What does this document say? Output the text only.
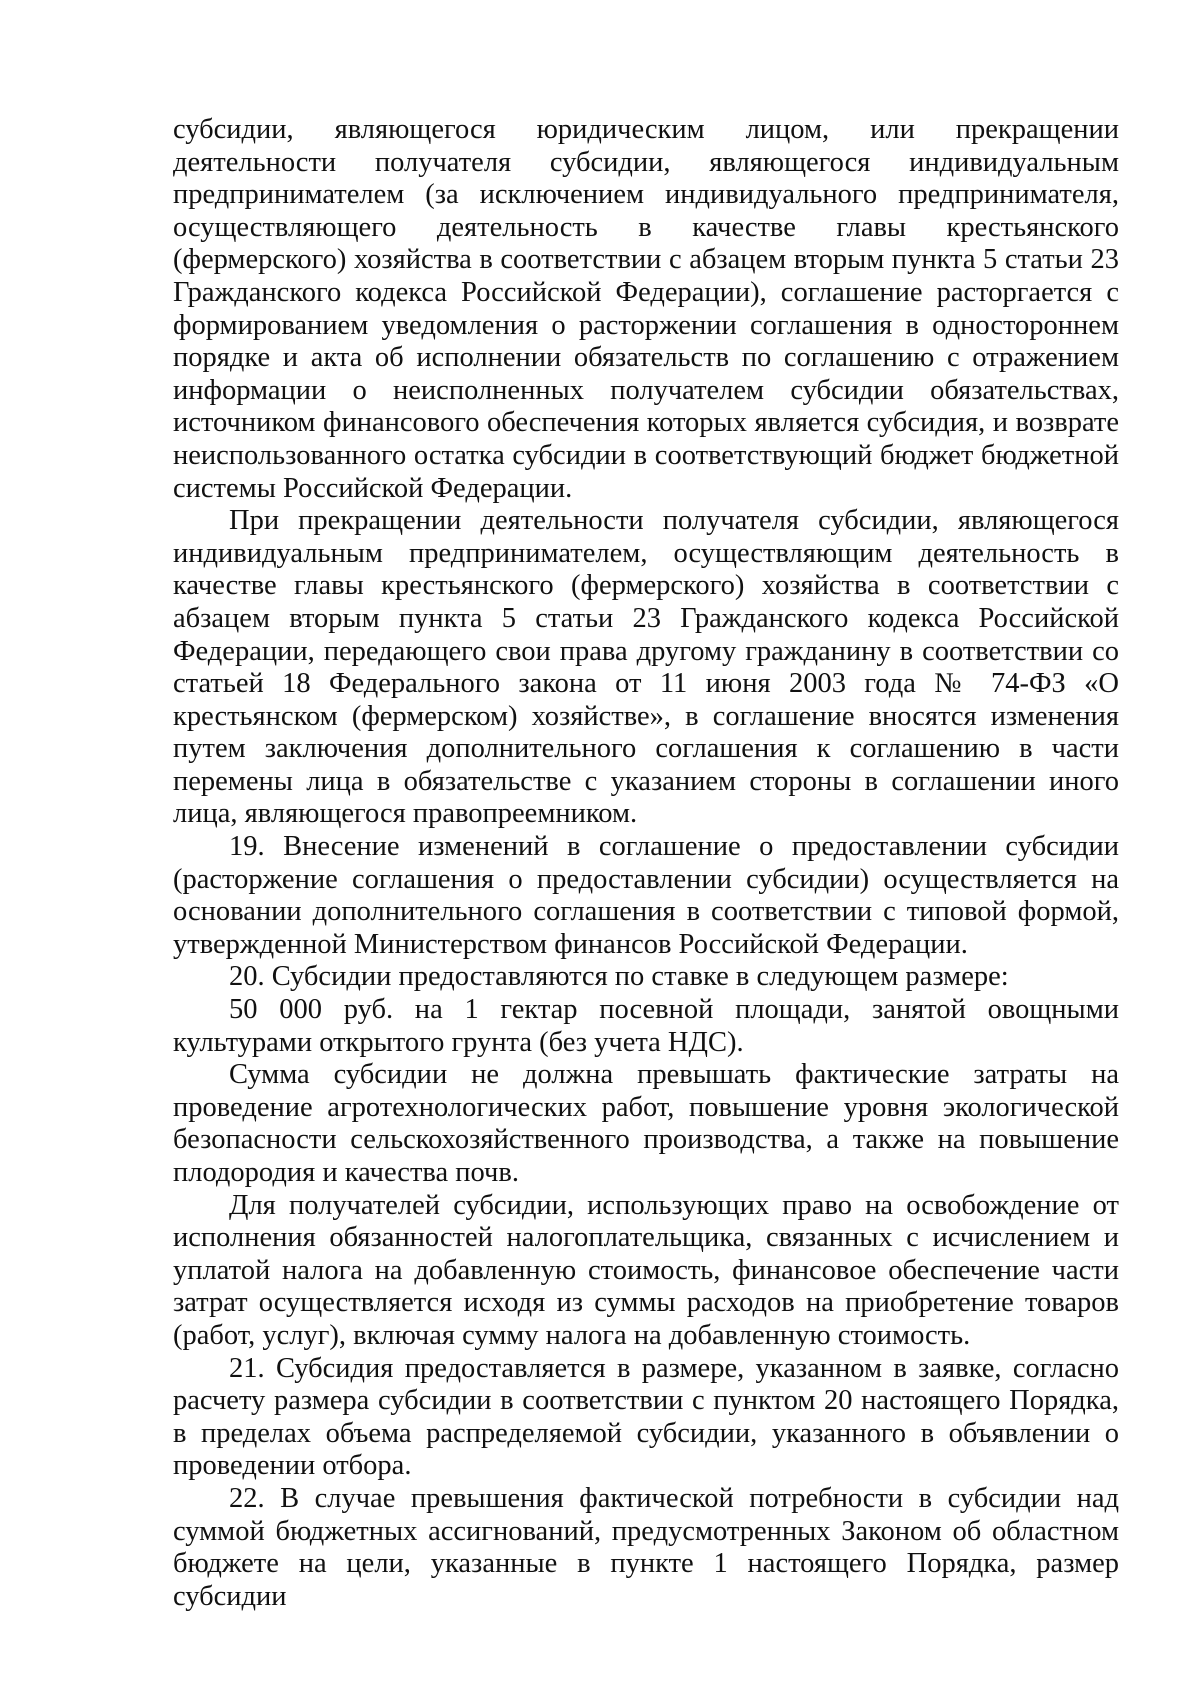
субсидии, являющегося юридическим лицом, или прекращении деятельности получателя субсидии, являющегося индивидуальным предпринимателем (за исключением индивидуального предпринимателя, осуществляющего деятельность в качестве главы крестьянского (фермерского) хозяйства в соответствии с абзацем вторым пункта 5 статьи 23 Гражданского кодекса Российской Федерации), соглашение расторгается с формированием уведомления о расторжении соглашения в одностороннем порядке и акта об исполнении обязательств по соглашению с отражением информации о неисполненных получателем субсидии обязательствах, источником финансового обеспечения которых является субсидия, и возврате неиспользованного остатка субсидии в соответствующий бюджет бюджетной системы Российской Федерации.

При прекращении деятельности получателя субсидии, являющегося индивидуальным предпринимателем, осуществляющим деятельность в качестве главы крестьянского (фермерского) хозяйства в соответствии с абзацем вторым пункта 5 статьи 23 Гражданского кодекса Российской Федерации, передающего свои права другому гражданину в соответствии со статьей 18 Федерального закона от 11 июня 2003 года № 74-ФЗ «О крестьянском (фермерском) хозяйстве», в соглашение вносятся изменения путем заключения дополнительного соглашения к соглашению в части перемены лица в обязательстве с указанием стороны в соглашении иного лица, являющегося правопреемником.

19. Внесение изменений в соглашение о предоставлении субсидии (расторжение соглашения о предоставлении субсидии) осуществляется на основании дополнительного соглашения в соответствии с типовой формой, утвержденной Министерством финансов Российской Федерации.

20. Субсидии предоставляются по ставке в следующем размере:

50 000 руб. на 1 гектар посевной площади, занятой овощными культурами открытого грунта (без учета НДС).

Сумма субсидии не должна превышать фактические затраты на проведение агротехнологических работ, повышение уровня экологической безопасности сельскохозяйственного производства, а также на повышение плодородия и качества почв.

Для получателей субсидии, использующих право на освобождение от исполнения обязанностей налогоплательщика, связанных с исчислением и уплатой налога на добавленную стоимость, финансовое обеспечение части затрат осуществляется исходя из суммы расходов на приобретение товаров (работ, услуг), включая сумму налога на добавленную стоимость.

21. Субсидия предоставляется в размере, указанном в заявке, согласно расчету размера субсидии в соответствии с пунктом 20 настоящего Порядка, в пределах объема распределяемой субсидии, указанного в объявлении о проведении отбора.

22. В случае превышения фактической потребности в субсидии над суммой бюджетных ассигнований, предусмотренных Законом об областном бюджете на цели, указанные в пункте 1 настоящего Порядка, размер субсидии
